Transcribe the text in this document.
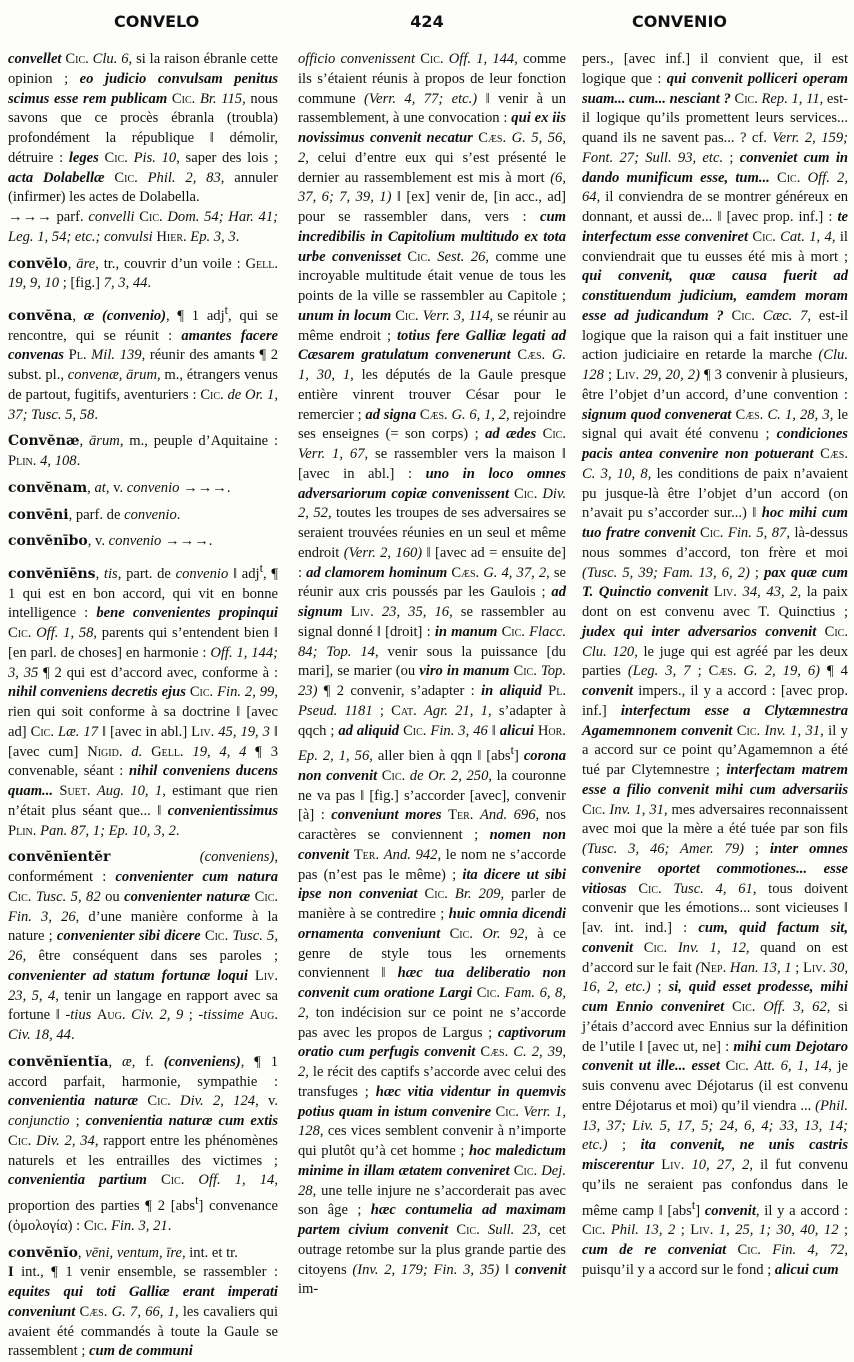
CONVELO	424	CONVENIO

convellet Cic. Clu. 6, si la raison ébranle cette opinion ; eo judicio convulsam penitus scimus esse rem publicam Cic. Br. 115, nous savons que ce procès ébranla (troubla) profondément la république ‖ démolir, détruire : leges Cic. Pis. 10, saper des lois ; acta Dolabellæ Cic. Phil. 2, 83, annuler (infirmer) les actes de Dolabella.

→→→ parf. convelli Cic. Dom. 54; Har. 41; Leg. 1, 54; etc.; convulsi Hier. Ep. 3, 3.

convĕlo, āre, tr., couvrir d’un voile : Gell. 19, 9, 10 ; [fig.] 7, 3, 44.

convĕna, æ (convenio), ¶ 1 adj$^t$, qui se rencontre, qui se réunit : amantes facere convenas Pl. Mil. 139, réunir des amants ¶ 2 subst. pl., convenæ, ārum, m., étrangers venus de partout, fugitifs, aventuriers : Cic. de Or. 1, 37; Tusc. 5, 58.

Convĕnæ, ārum, m., peuple d’Aquitaine : Plin. 4, 108.

convĕnam, at, v. convenio →→→.

convēni, parf. de convenio.

convĕnībo, v. convenio →→→.

convĕnĭēns, tis, part. de convenio ‖ adj$^t$, ¶ 1 qui est en bon accord, qui vit en bonne intelligence : bene convenientes propinqui Cic. Off. 1, 58, parents qui s’entendent bien ‖ [en parl. de choses] en harmonie : Off. 1, 144; 3, 35 ¶ 2 qui est d’accord avec, conforme à : nihil conveniens decretis ejus Cic. Fin. 2, 99, rien qui soit conforme à sa doctrine ‖ [avec ad] Cic. Læ. 17 ‖ [avec in abl.] Liv. 45, 19, 3 ‖ [avec cum] Nigid. d. Gell. 19, 4, 4 ¶ 3 convenable, séant : nihil conveniens ducens quam... Suet. Aug. 10, 1, estimant que rien n’était plus séant que... ‖ convenientissimus Plin. Pan. 87, 1; Ep. 10, 3, 2.

convĕnĭentĕr	(conveniens), conformément : convenienter cum natura Cic. Tusc. 5, 82 ou convenienter naturæ Cic. Fin. 3, 26, d’une manière conforme à la nature ; convenienter sibi dicere Cic. Tusc. 5, 26, être conséquent dans ses paroles ; convenienter ad statum fortunæ loqui Liv. 23, 5, 4, tenir un langage en rapport avec sa fortune ‖ -tius Aug. Civ. 2, 9 ; -tissime Aug. Civ. 18, 44.

convĕnĭentĭa, æ, f. (conveniens), ¶ 1 accord parfait, harmonie, sympathie : convenientia naturæ Cic. Div. 2, 124, v. conjunctio ; convenientia naturæ cum extis Cic. Div. 2, 34, rapport entre les phénomènes naturels et les entrailles des victimes ; convenientia partium Cic. Off. 1, 14, proportion des parties ¶ 2 [abs$^t$] convenance (ὁμολογία) : Cic. Fin. 3, 21.

convĕnĭo, vēni, ventum, īre, int. et tr.

I int., ¶ 1 venir ensemble, se rassembler : equites qui toti Galliæ erant imperati conveniunt Cæs. G. 7, 66, 1, les cavaliers qui avaient été commandés à toute la Gaule se rassemblent ; cum de communi

officio convenissent Cic. Off. 1, 144, comme ils s’étaient réunis à propos de leur fonction commune (Verr. 4, 77; etc.) ‖ venir à un rassemblement, à une convocation : qui ex iis novissimus convenit necatur Cæs. G. 5, 56, 2, celui d’entre eux qui s’est présenté le dernier au rassemblement est mis à mort (6, 37, 6; 7, 39, 1) ‖ [ex] venir de, [in acc., ad] pour se rassembler dans, vers : cum incredibilis in Capitolium multitudo ex tota urbe convenisset Cic. Sest. 26, comme une incroyable multitude était venue de tous les points de la ville se rassembler au Capitole ; unum in locum Cic. Verr. 3, 114, se réunir au même endroit ; totius fere Galliæ legati ad Cæsarem gratulatum convenerunt Cæs. G. 1, 30, 1, les députés de la Gaule presque entière vinrent trouver César pour le remercier ; ad signa Cæs. G. 6, 1, 2, rejoindre ses enseignes (= son corps) ; ad ædes Cic. Verr. 1, 67, se rassembler vers la maison ‖ [avec in abl.] : uno in loco omnes adversariorum copiæ convenissent Cic. Div. 2, 52, toutes les troupes de ses adversaires se seraient trouvées réunies en un seul et même endroit (Verr. 2, 160) ‖ [avec ad = ensuite de] : ad clamorem hominum Cæs. G. 4, 37, 2, se réunir aux cris poussés par les Gaulois ; ad signum Liv. 23, 35, 16, se rassembler au signal donné ‖ [droit] : in manum Cic. Flacc. 84; Top. 14, venir sous la puissance [du mari], se marier (ou viro in manum Cic. Top. 23) ¶ 2 convenir, s’adapter : in aliquid Pl. Pseud. 1181 ; Cat. Agr. 21, 1, s’adapter à qqch ; ad aliquid Cic. Fin. 3, 46 ‖ alicui Hor. Ep. 2, 1, 56, aller bien à qqn ‖ [abs$^t$] corona non convenit Cic. de Or. 2, 250, la couronne ne va pas ‖ [fig.] s’accorder [avec], convenir [à] : conveniunt mores Ter. And. 696, nos caractères se conviennent ; nomen non convenit Ter. And. 942, le nom ne s’accorde pas (n’est pas le même) ; ita dicere ut sibi ipse non conveniat Cic. Br. 209, parler de manière à se contredire ; huic omnia dicendi ornamenta conveniunt Cic. Or. 92, à ce genre de style tous les ornements conviennent ‖ hæc tua deliberatio non convenit cum oratione Largi Cic. Fam. 6, 8, 2, ton indécision sur ce point ne s’accorde pas avec les propos de Largus ; captivorum oratio cum perfugis convenit Cæs. C. 2, 39, 2, le récit des captifs s’accorde avec celui des transfuges ; hæc vitia videntur in quemvis potius quam in istum convenire Cic. Verr. 1, 128, ces vices semblent convenir à n’importe qui plutôt qu’à cet homme ; hoc maledictum minime in illam ætatem conveniret Cic. Dej. 28, une telle injure ne s’accorderait pas avec son âge ; hæc contumelia ad maximam partem civium convenit Cic. Sull. 23, cet outrage retombe sur la plus grande partie des citoyens (Inv. 2, 179; Fin. 3, 35) ‖ convenit im-

pers., [avec inf.] il convient que, il est logique que : qui convenit polliceri operam suam... cum... nesciant ? Cic. Rep. 1, 11, est-il logique qu’ils promettent leurs services... quand ils ne savent pas... ? cf. Verr. 2, 159; Font. 27; Sull. 93, etc. ; conveniet cum in dando munificum esse, tum... Cic. Off. 2, 64, il conviendra de se montrer généreux en donnant, et aussi de... ‖ [avec prop. inf.] : te interfectum esse conveniret Cic. Cat. 1, 4, il conviendrait que tu eusses été mis à mort ; qui convenit, quæ causa fuerit ad constituendum judicium, eamdem moram esse ad judicandum ? Cic. Cæc. 7, est-il logique que la raison qui a fait instituer une action judiciaire en retarde la marche (Clu. 128 ; Liv. 29, 20, 2) ¶ 3 convenir à plusieurs, être l’objet d’un accord, d’une convention : signum quod convenerat Cæs. C. 1, 28, 3, le signal qui avait été convenu ; condiciones pacis antea convenire non potuerant Cæs. C. 3, 10, 8, les conditions de paix n’avaient pu jusque-là être l’objet d’un accord (on n’avait pu s’accorder sur...) ‖ hoc mihi cum tuo fratre convenit Cic. Fin. 5, 87, là-dessus nous sommes d’accord, ton frère et moi (Tusc. 5, 39; Fam. 13, 6, 2) ; pax quæ cum T. Quinctio convenit Liv. 34, 43, 2, la paix dont on est convenu avec T. Quinctius ; judex qui inter adversarios convenit Cic. Clu. 120, le juge qui est agréé par les deux parties (Leg. 3, 7 ; Cæs. G. 2, 19, 6) ¶ 4 convenit impers., il y a accord : [avec prop. inf.] interfectum esse a Clytæmnestra Agamemnonem convenit Cic. Inv. 1, 31, il y a accord sur ce point qu’Agamemnon a été tué par Clytemnestre ; interfectam matrem esse a filio convenit mihi cum adversariis Cic. Inv. 1, 31, mes adversaires reconnaissent avec moi que la mère a été tuée par son fils (Tusc. 3, 46; Amer. 79) ; inter omnes convenire oportet commotiones... esse vitiosas Cic. Tusc. 4, 61, tous doivent convenir que les émotions... sont vicieuses ‖ [av. int. ind.] : cum, quid factum sit, convenit Cic. Inv. 1, 12, quand on est d’accord sur le fait (Nep. Han. 13, 1 ; Liv. 30, 16, 2, etc.) ; si, quid esset prodesse, mihi cum Ennio conveniret Cic. Off. 3, 62, si j’étais d’accord avec Ennius sur la définition de l’utile ‖ [avec ut, ne] : mihi cum Dejotaro convenit ut ille... esset Cic. Att. 6, 1, 14, je suis convenu avec Déjotarus (il est convenu entre Déjotarus et moi) qu’il viendra ... (Phil. 13, 37; Liv. 5, 17, 5; 24, 6, 4; 33, 13, 14; etc.) ; ita convenit, ne unis castris miscerentur Liv. 10, 27, 2, il fut convenu qu’ils ne seraient pas confondus dans le même camp ‖ [abs$^t$] convenit, il y a accord : Cic. Phil. 13, 2 ; Liv. 1, 25, 1; 30, 40, 12 ; cum de re conveniat Cic. Fin. 4, 72, puisqu’il y a accord sur le fond ; alicui cum
